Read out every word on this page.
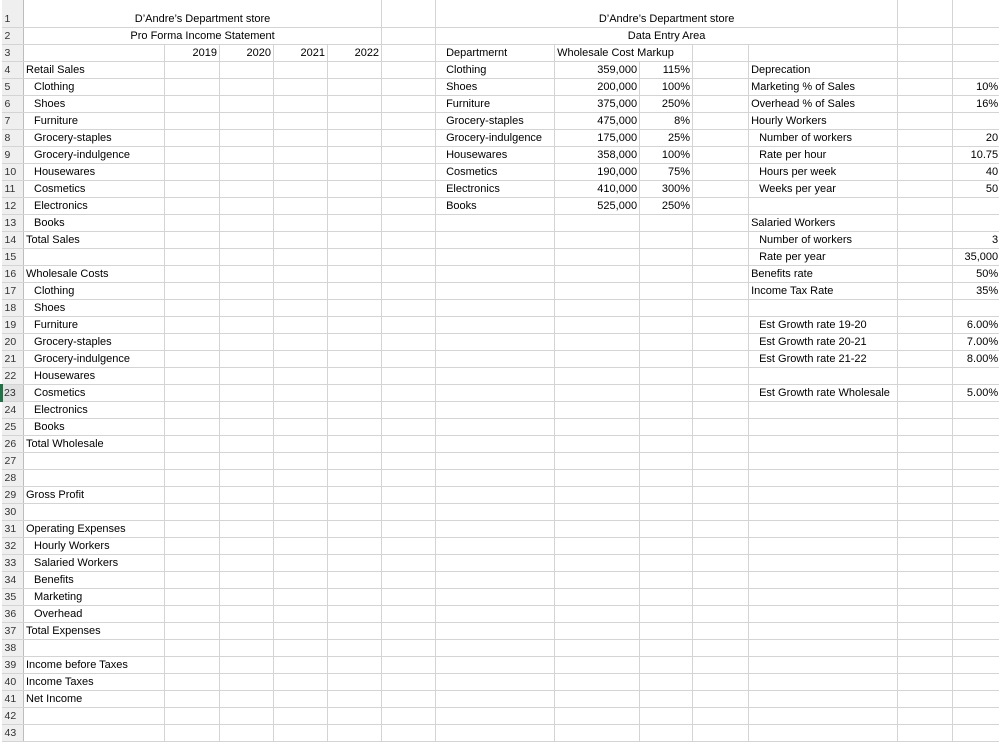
1	D’Andre’s Department store						D’Andre’s Department store						
2	Pro Forma Income Statement						Data Entry Area						
3		2019	2020	2021	2022		Departmernt	Wholesale Cost Markup					
4	Retail Sales						Clothing	359,000	115%		Deprecation		
5	Clothing						Shoes	200,000	100%		Marketing % of Sales		10%
6	Shoes						Furniture	375,000	250%		Overhead % of Sales		16%
7	Furniture						Grocery-staples	475,000	8%		Hourly Workers		
8	Grocery-staples						Grocery-indulgence	175,000	25%		Number of workers		20
9	Grocery-indulgence						Housewares	358,000	100%		Rate per hour		10.75
10	Housewares						Cosmetics	190,000	75%		Hours per week		40
11	Cosmetics						Electronics	410,000	300%		Weeks per year		50
12	Electronics						Books	525,000	250%				
13	Books										Salaried Workers		
14	Total Sales										Number of workers		3
15											Rate per year		35,000
16	Wholesale Costs										Benefits rate		50%
17	Clothing										Income Tax Rate		35%
18	Shoes												
19	Furniture										Est Growth rate 19-20		6.00%
20	Grocery-staples										Est Growth rate 20-21		7.00%
21	Grocery-indulgence										Est Growth rate 21-22		8.00%
22	Housewares												
23	Cosmetics										Est Growth rate Wholesale		5.00%
24	Electronics												
25	Books												
26	Total Wholesale												
27													
28													
29	Gross Profit												
30													
31	Operating Expenses												
32	Hourly Workers												
33	Salaried Workers												
34	Benefits												
35	Marketing												
36	Overhead												
37	Total Expenses												
38													
39	Income before Taxes												
40	Income Taxes												
41	Net Income												
42													
43													
